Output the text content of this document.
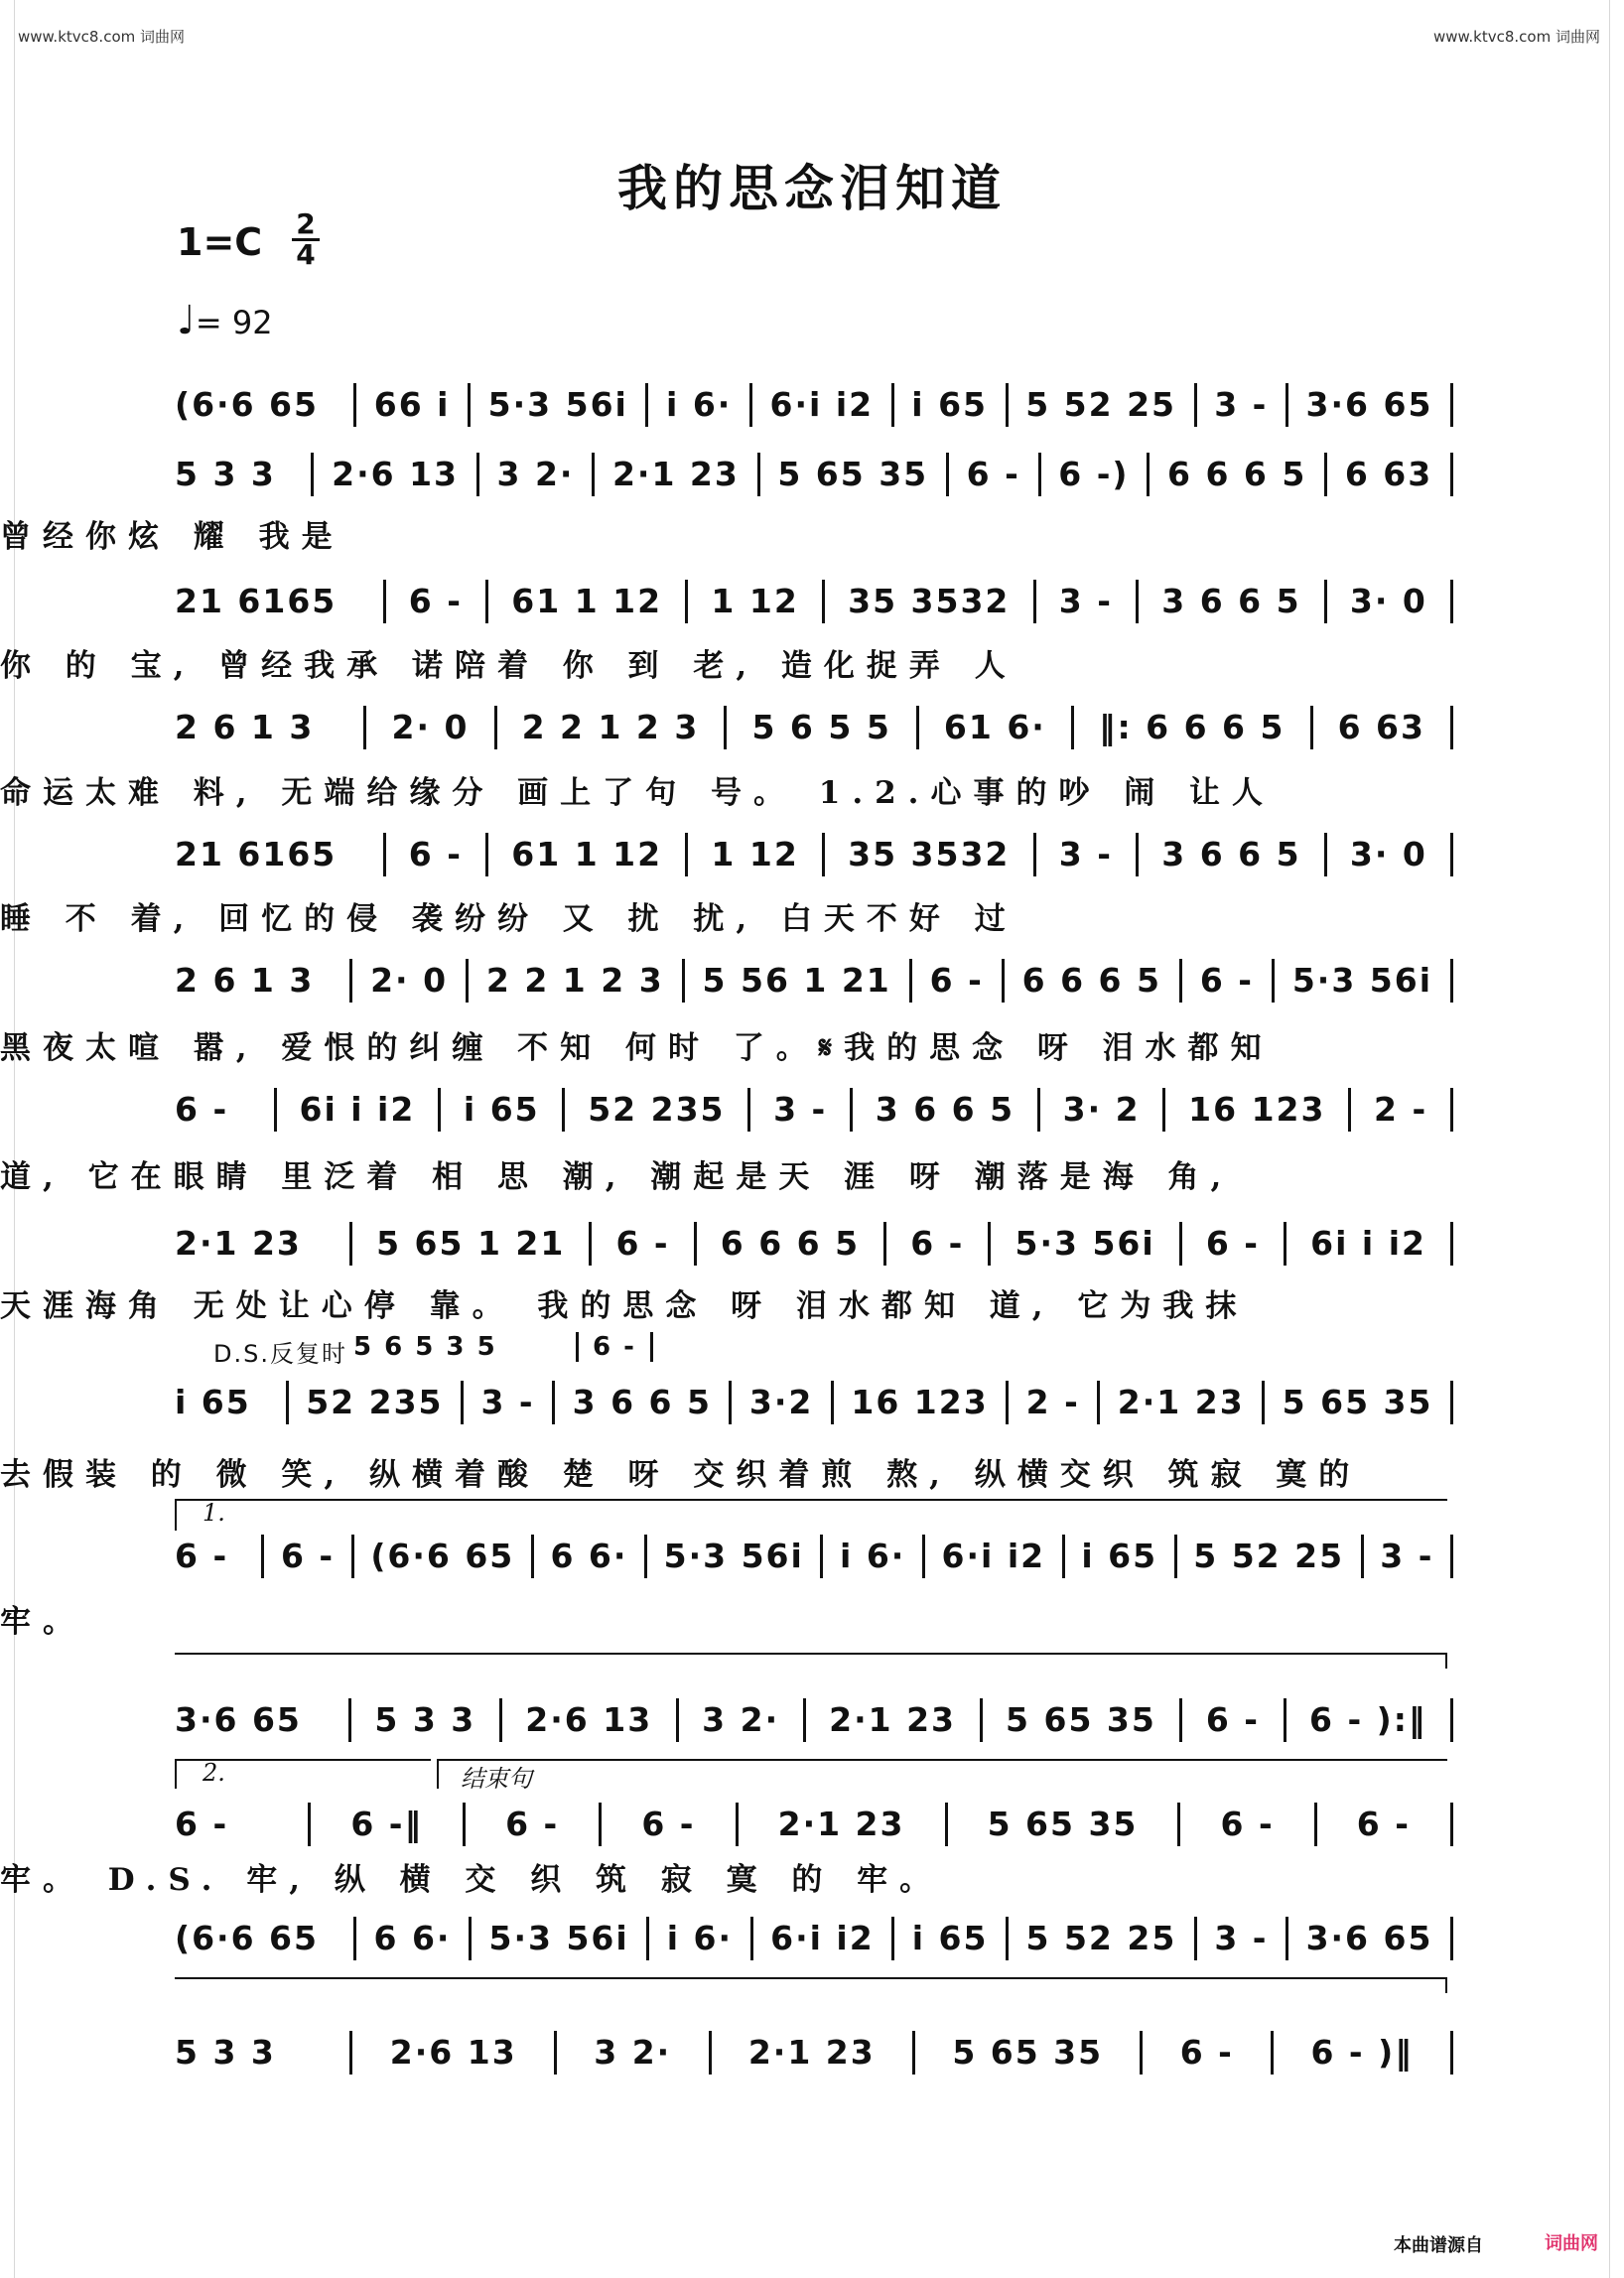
www.ktvc8.com 词曲网	www.ktvc8.com 词曲网
我的思念泪知道
$1=C \frac{2}{4}$
♩= 92
(6·6 65	66 i	5·3 56i	i 6·	6·i i2	i 65	5 52 25	3 -	3·6 65
5 3 3	2·6 13	3 2·	2·1 23	5 65 35	6 -	6 -)	6 6 6 5	6 63
曾经你炫 耀 我是
21 6165	6 -	61 1 12	1 12	35 3532	3 -	3 6 6 5	3· 0
你 的 宝, 曾经我承 诺陪着 你 到 老, 造化捉弄 人
2 6 1 3	2· 0	2 2 1 2 3	5 6 5 5	61 6·	‖: 6 6 6 5	6 63
命运太难 料, 无端给缘分 画上了句 号。 1.2.心事的吵 闹 让人
21 6165	6 -	61 1 12	1 12	35 3532	3 -	3 6 6 5	3· 0
睡 不 着, 回忆的侵 袭纷纷 又 扰 扰, 白天不好 过
2 6 1 3	2· 0	2 2 1 2 3	5 56 1 21	6 -	6 6 6 5	6 -	5·3 56i
黑夜太喧 嚣, 爱恨的纠缠 不知 何时 了。𝄋我的思念 呀 泪水都知
6 -	6i i i2	i 65	52 235	3 -	3 6 6 5	3· 2	16 123	2 -
道, 它在眼睛 里泛着 相 思 潮, 潮起是天 涯 呀 潮落是海 角,
2·1 23	5 65 1 21	6 -	6 6 6 5	6 -	5·3 56i	6 -	6i i i2
天涯海角 无处让心停 靠。 我的思念 呀 泪水都知 道, 它为我抹
i 65	52 235	3 -	3 6 6 5	3·2	16 123	2 -	2·1 23	5 65 35
去假装 的 微 笑, 纵横着酸 楚 呀 交织着煎 熬, 纵横交织 筑寂 寞的
6 -	6 -	(6·6 65	6 6·	5·3 56i	i 6·	6·i i2	i 65	5 52 25	3 -
牢。
3·6 65	5 3 3	2·6 13	3 2·	2·1 23	5 65 35	6 -	6 - ):‖
6 -	6 -‖	6 -	6 -	2·1 23	5 65 35	6 -	6 -
牢。 D.S. 牢, 纵 横 交 织 筑 寂 寞 的 牢。
(6·6 65	6 6·	5·3 56i	i 6·	6·i i2	i 65	5 52 25	3 -	3·6 65
5 3 3	2·6 13	3 2·	2·1 23	5 65 35	6 -	6 - )‖
D.S.反复时 5 6 5 3 5	6 -
1.
2.	结束句
本曲谱源自	词曲网
